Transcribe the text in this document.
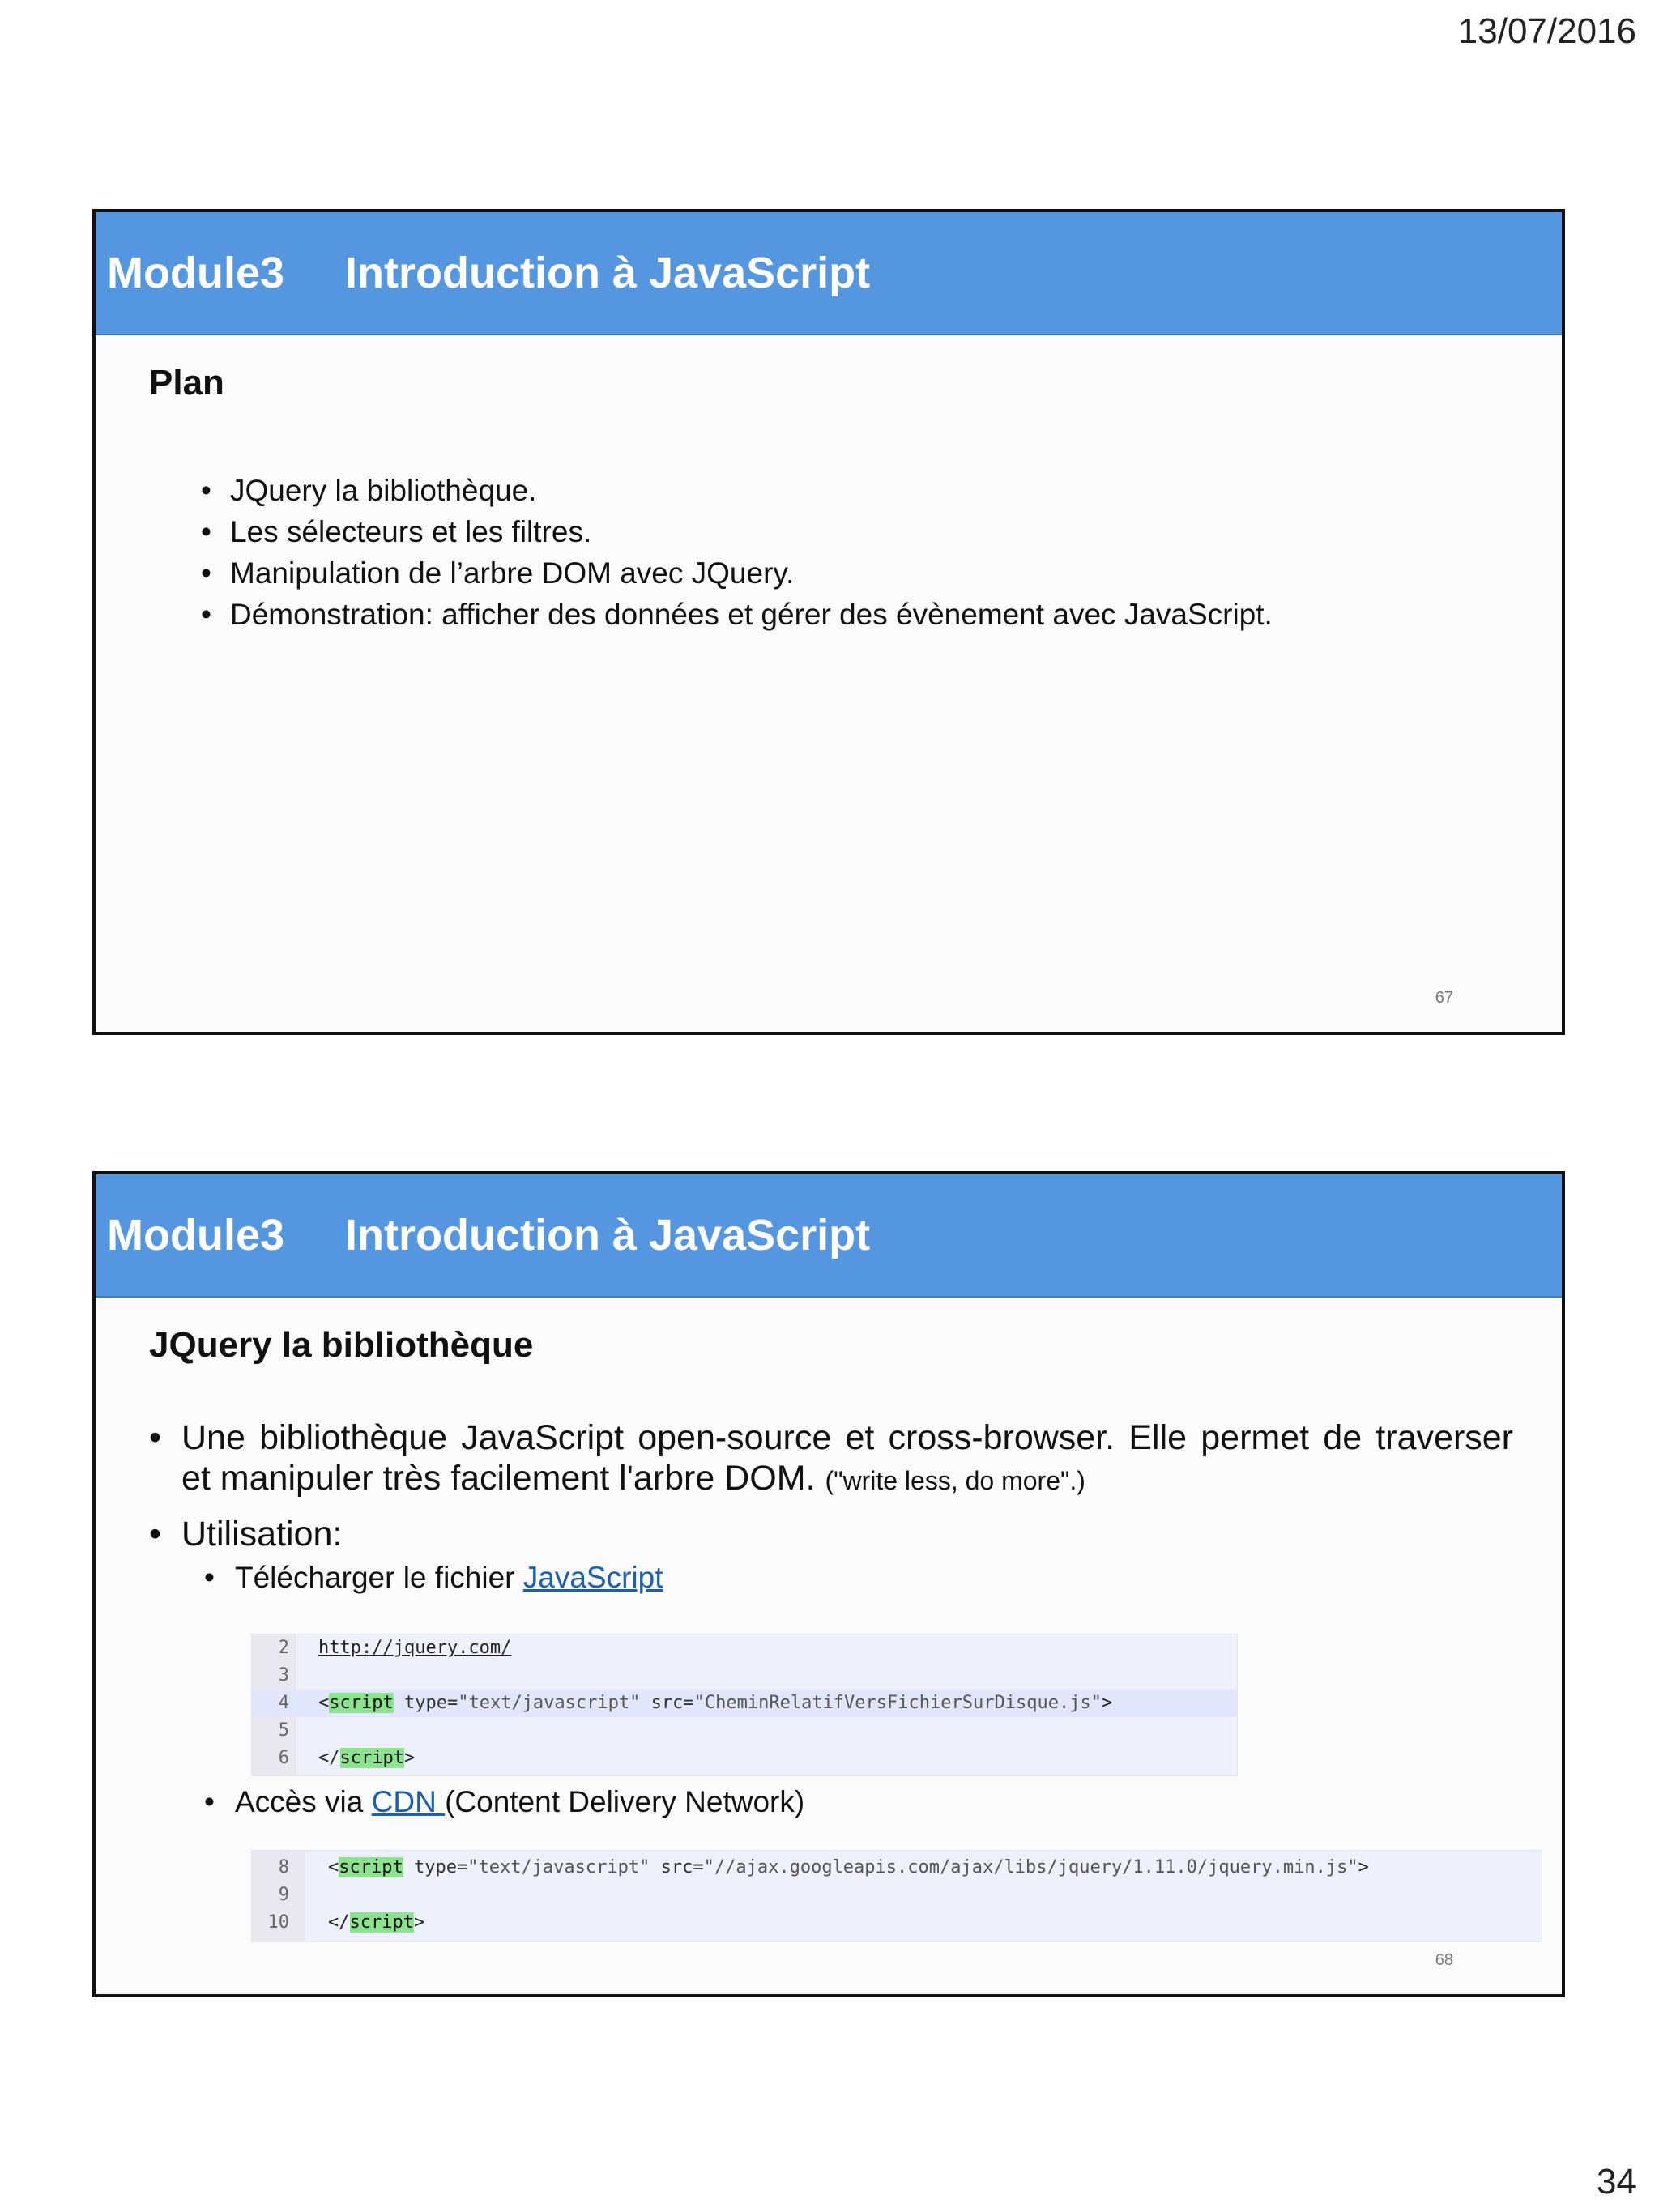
13/07/2016
Module3 Introduction à JavaScript
Plan
• JQuery la bibliothèque.
• Les sélecteurs et les filtres.
• Manipulation de l’arbre DOM avec JQuery.
• Démonstration: afficher des données et gérer des évènement avec JavaScript.
67
Module3 Introduction à JavaScript
JQuery la bibliothèque
• Une bibliothèque JavaScript open-source et cross-browser. Elle permet de traverser et manipuler très facilement l'arbre DOM. ("write less, do more".)
• Utilisation:
• Télécharger le fichier JavaScript
2 http://jquery.com/
3
4 <script type="text/javascript" src="CheminRelatifVersFichierSurDisque.js">
5
6 </script>
• Accès via CDN (Content Delivery Network)
8 <script type="text/javascript" src="//ajax.googleapis.com/ajax/libs/jquery/1.11.0/jquery.min.js">
9
10 </script>
68
34
